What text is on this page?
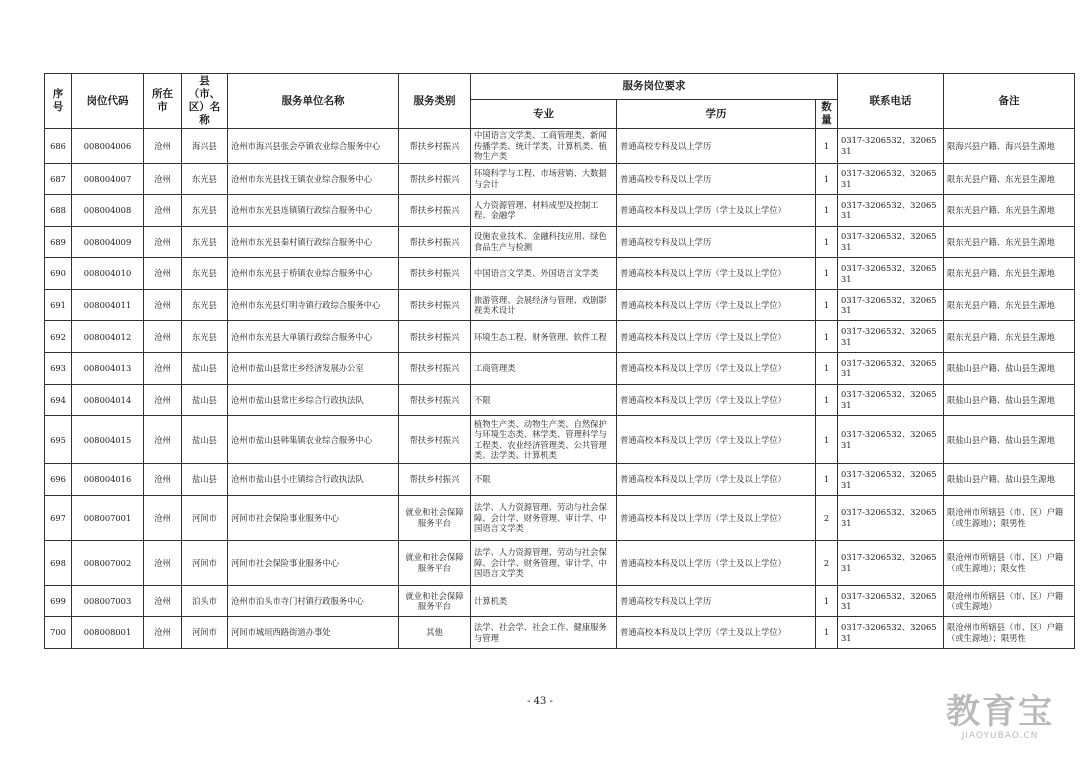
序号	岗位代码	所在市	县（市、区）名称	服务单位名称	服务类别	服务岗位要求			联系电话	备注
						专业	学历	数量		
686	008004006	沧州	海兴县	沧州市海兴县张会亭镇农业综合服务中心	帮扶乡村振兴	中国语言文学类、工商管理类、新闻传播学类、统计学类、计算机类、植物生产类	普通高校专科及以上学历	1	0317-3206532、3206531	限海兴县户籍、海兴县生源地
687	008004007	沧州	东光县	沧州市东光县找王镇农业综合服务中心	帮扶乡村振兴	环境科学与工程、市场营销、大数据与会计	普通高校专科及以上学历	1	0317-3206532、3206531	限东光县户籍、东光县生源地
688	008004008	沧州	东光县	沧州市东光县连镇镇行政综合服务中心	帮扶乡村振兴	人力资源管理、材料成型及控制工程、金融学	普通高校本科及以上学历（学士及以上学位）	1	0317-3206532、3206531	限东光县户籍、东光县生源地
689	008004009	沧州	东光县	沧州市东光县秦村镇行政综合服务中心	帮扶乡村振兴	设施农业技术、金融科技应用、绿色食品生产与检测	普通高校专科及以上学历	1	0317-3206532、3206531	限东光县户籍、东光县生源地
690	008004010	沧州	东光县	沧州市东光县于桥镇农业综合服务中心	帮扶乡村振兴	中国语言文学类、外国语言文学类	普通高校本科及以上学历（学士及以上学位）	1	0317-3206532、3206531	限东光县户籍、东光县生源地
691	008004011	沧州	东光县	沧州市东光县灯明寺镇行政综合服务中心	帮扶乡村振兴	旅游管理、会展经济与管理、戏剧影视美术设计	普通高校本科及以上学历（学士及以上学位）	1	0317-3206532、3206531	限东光县户籍、东光县生源地
692	008004012	沧州	东光县	沧州市东光县大单镇行政综合服务中心	帮扶乡村振兴	环境生态工程、财务管理、软件工程	普通高校本科及以上学历（学士及以上学位）	1	0317-3206532、3206531	限东光县户籍、东光县生源地
693	008004013	沧州	盐山县	沧州市盐山县常庄乡经济发展办公室	帮扶乡村振兴	工商管理类	普通高校本科及以上学历（学士及以上学位）	1	0317-3206532、3206531	限盐山县户籍、盐山县生源地
694	008004014	沧州	盐山县	沧州市盐山县常庄乡综合行政执法队	帮扶乡村振兴	不限	普通高校本科及以上学历（学士及以上学位）	1	0317-3206532、3206531	限盐山县户籍、盐山县生源地
695	008004015	沧州	盐山县	沧州市盐山县韩集镇农业综合服务中心	帮扶乡村振兴	植物生产类、动物生产类、自然保护与环境生态类、林学类、管理科学与工程类、农业经济管理类、公共管理类、法学类、计算机类	普通高校本科及以上学历（学士及以上学位）	1	0317-3206532、3206531	限盐山县户籍、盐山县生源地
696	008004016	沧州	盐山县	沧州市盐山县小庄镇综合行政执法队	帮扶乡村振兴	不限	普通高校本科及以上学历（学士及以上学位）	1	0317-3206532、3206531	限盐山县户籍、盐山县生源地
697	008007001	沧州	河间市	河间市社会保险事业服务中心	就业和社会保障服务平台	法学、人力资源管理、劳动与社会保障、会计学、财务管理、审计学、中国语言文学类	普通高校本科及以上学历（学士及以上学位）	2	0317-3206532、3206531	限沧州市所辖县（市、区）户籍（或生源地）；限男性
698	008007002	沧州	河间市	河间市社会保险事业服务中心	就业和社会保障服务平台	法学、人力资源管理、劳动与社会保障、会计学、财务管理、审计学、中国语言文学类	普通高校本科及以上学历（学士及以上学位）	2	0317-3206532、3206531	限沧州市所辖县（市、区）户籍（或生源地）；限女性
699	008007003	沧州	泊头市	沧州市泊头市寺门村镇行政服务中心	就业和社会保障服务平台	计算机类	普通高校专科及以上学历	1	0317-3206532、3206531	限沧州市所辖县（市、区）户籍（或生源地）
700	008008001	沧州	河间市	河间市城垣西路街道办事处	其他	法学、社会学、社会工作、健康服务与管理	普通高校本科及以上学历（学士及以上学位）	1	0317-3206532、3206531	限沧州市所辖县（市、区）户籍（或生源地）；限男性
- 43 -	教育宝
JIAOYUBAO.CN
